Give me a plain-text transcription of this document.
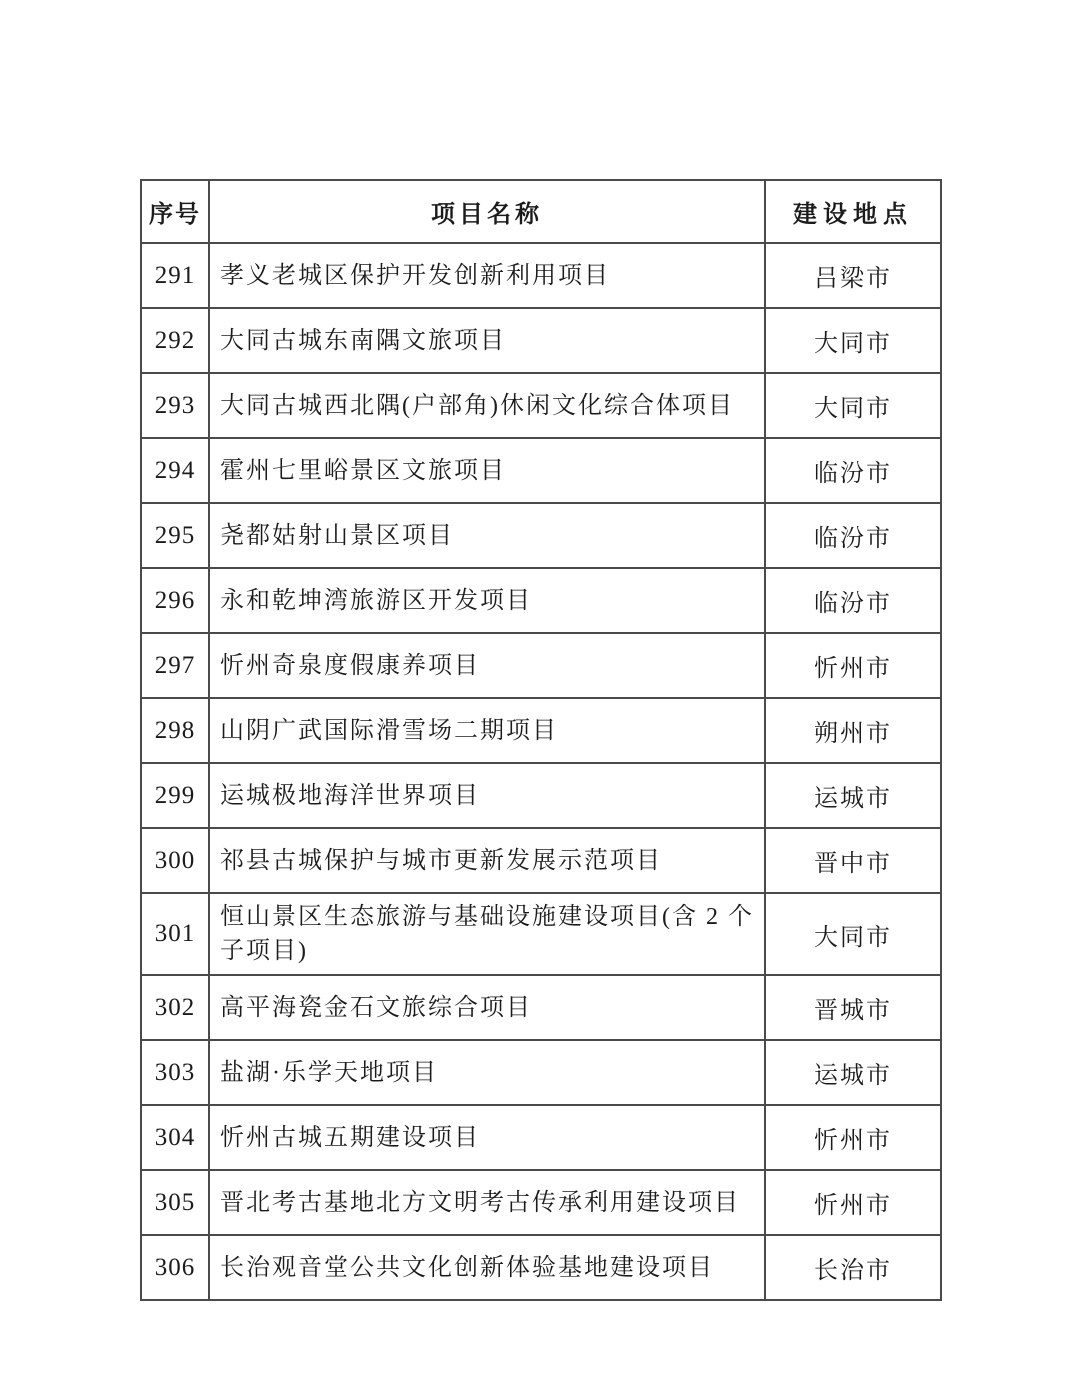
序号	项目名称	建设地点
291	孝义老城区保护开发创新利用项目	吕梁市
292	大同古城东南隅文旅项目	大同市
293	大同古城西北隅(户部角)休闲文化综合体项目	大同市
294	霍州七里峪景区文旅项目	临汾市
295	尧都姑射山景区项目	临汾市
296	永和乾坤湾旅游区开发项目	临汾市
297	忻州奇泉度假康养项目	忻州市
298	山阴广武国际滑雪场二期项目	朔州市
299	运城极地海洋世界项目	运城市
300	祁县古城保护与城市更新发展示范项目	晋中市
301	恒山景区生态旅游与基础设施建设项目(含 2 个子项目)	大同市
302	高平海瓷金石文旅综合项目	晋城市
303	盐湖·乐学天地项目	运城市
304	忻州古城五期建设项目	忻州市
305	晋北考古基地北方文明考古传承利用建设项目	忻州市
306	长治观音堂公共文化创新体验基地建设项目	长治市
